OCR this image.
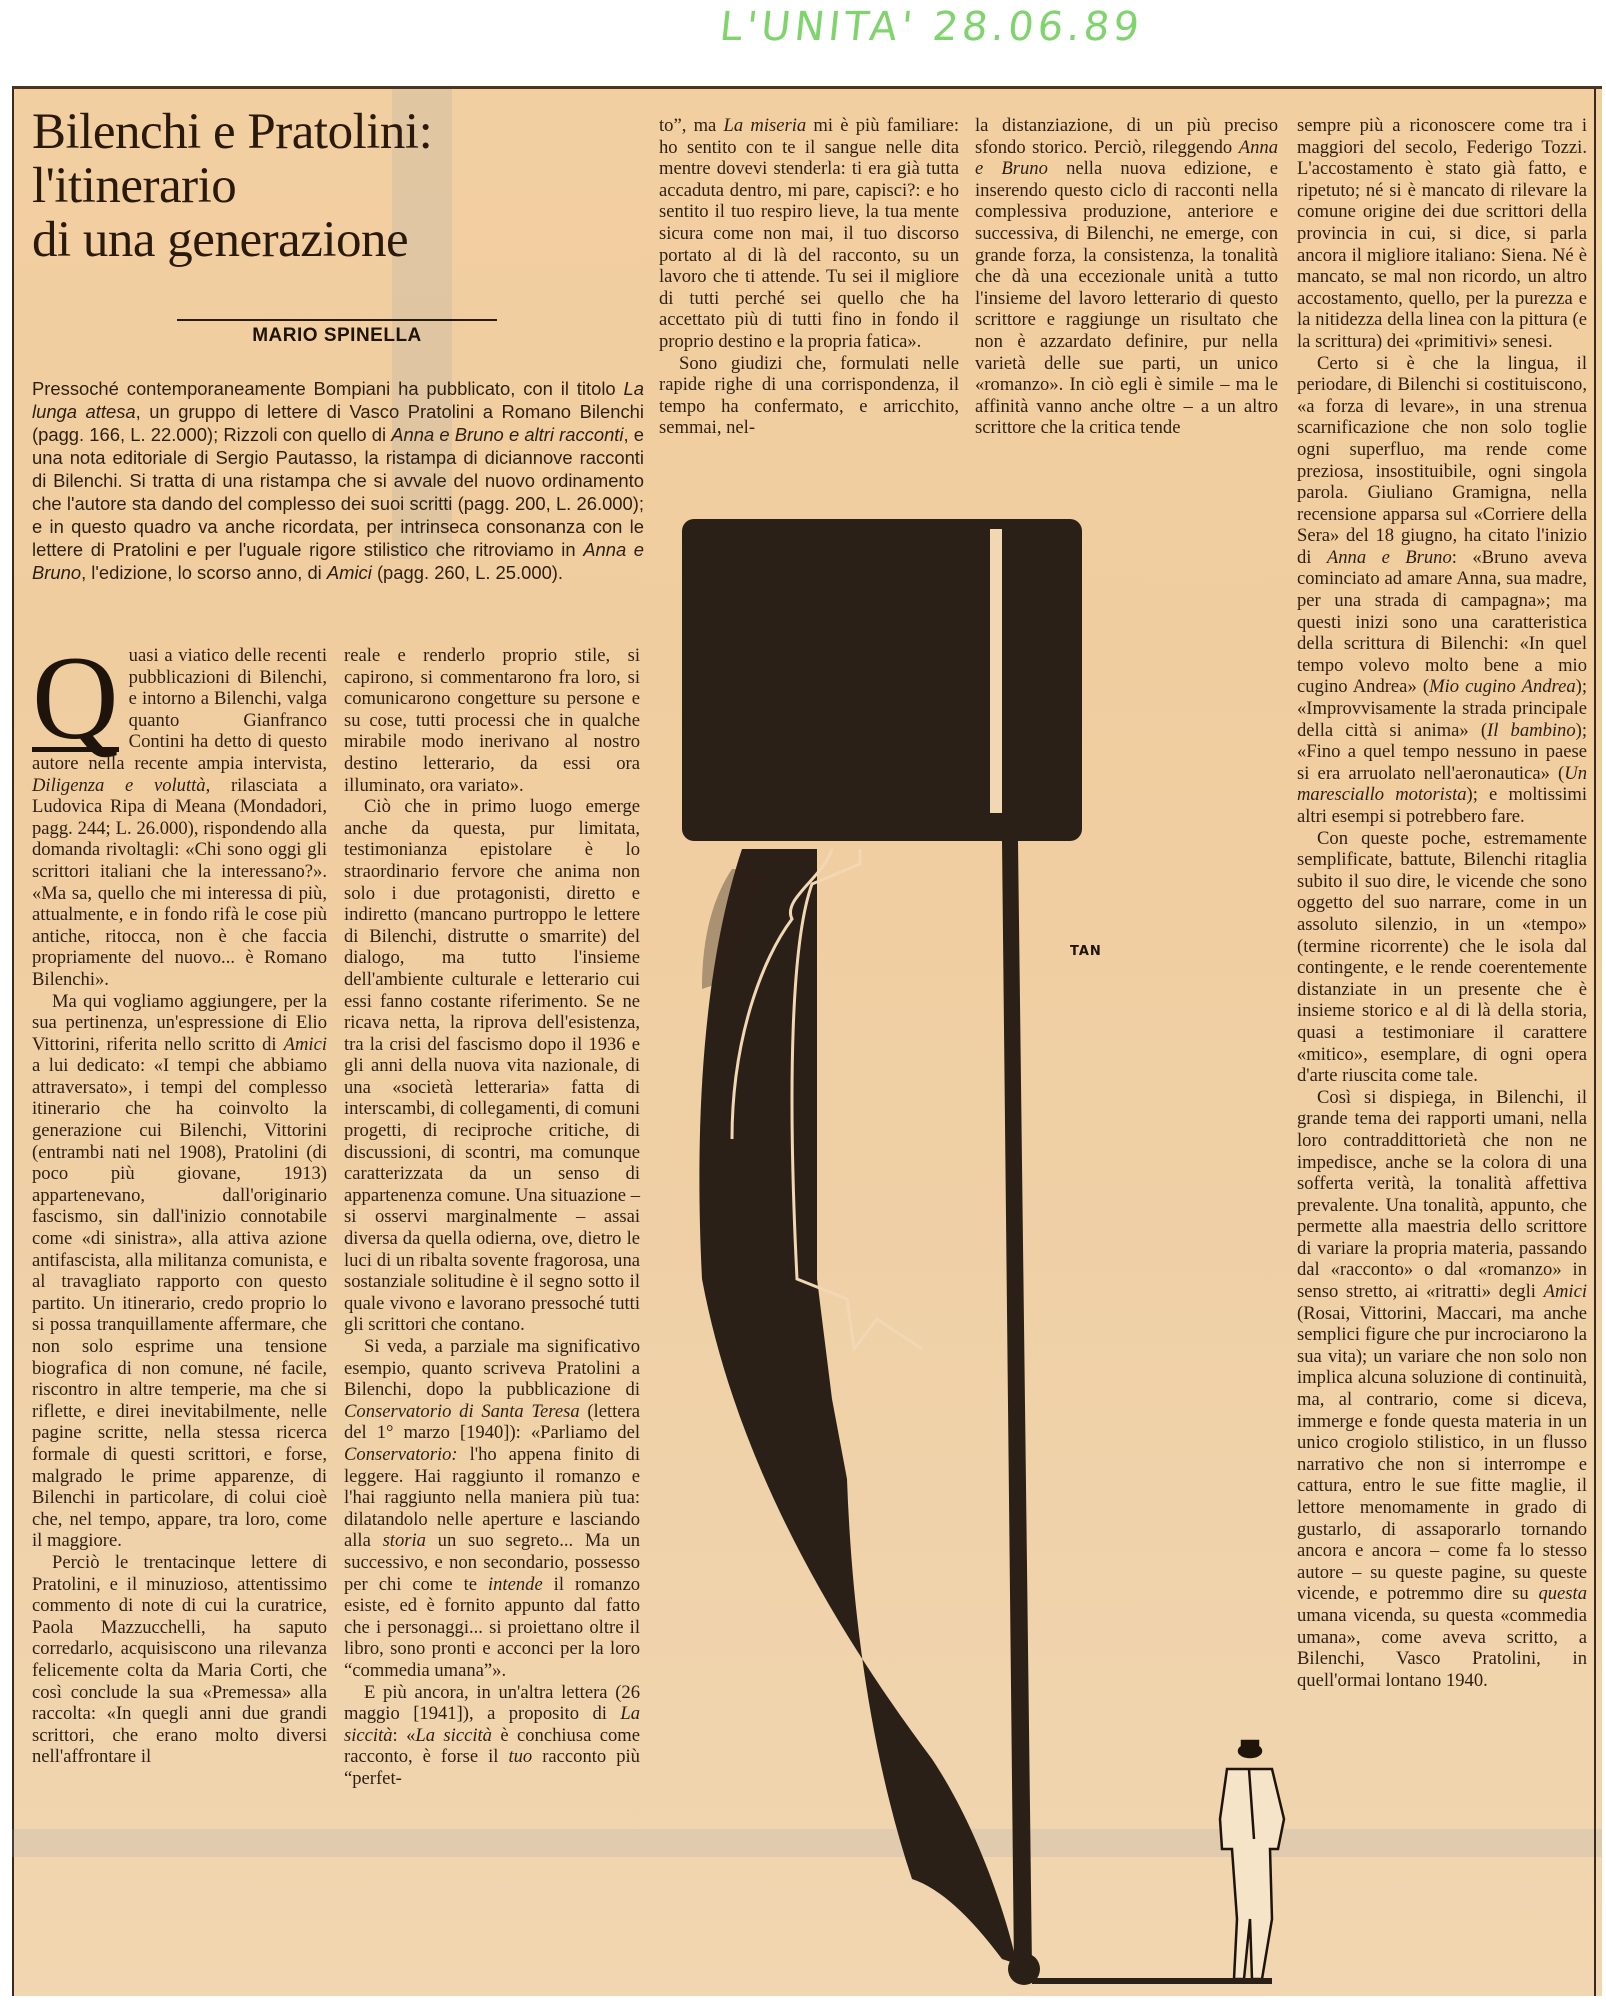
L'UNITA' 28.06.89
Bilenchi e Pratolini:
l'itinerario
di una generazione
MARIO SPINELLA

Pressoché contemporaneamente Bompiani ha pubblicato, con il titolo La lunga attesa, un gruppo di lettere di Vasco Pratolini a Romano Bilenchi (pagg. 166, L. 22.000); Rizzoli con quello di Anna e Bruno e altri racconti, e una nota editoriale di Sergio Pautasso, la ristampa di diciannove racconti di Bilenchi. Si tratta di una ristampa che si avvale del nuovo ordinamento che l'autore sta dando del complesso dei suoi scritti (pagg. 200, L. 26.000); e in questo quadro va anche ricordata, per intrinseca consonanza con le lettere di Pratolini e per l'uguale rigore stilistico che ritroviamo in Anna e Bruno, l'edizione, lo scorso anno, di Amici (pagg. 260, L. 25.000).

Q uasi a viatico delle recenti pubblicazioni di Bilenchi, e intorno a Bilenchi, valga quanto Gianfranco Contini ha detto di questo autore nella recente ampia intervista, Diligenza e voluttà, rilasciata a Ludovica Ripa di Meana (Mondadori, pagg. 244; L. 26.000), rispondendo alla domanda rivoltagli: «Chi sono oggi gli scrittori italiani che la interessano?». «Ma sa, quello che mi interessa di più, attualmente, e in fondo rifà le cose più antiche, ritocca, non è che faccia propriamente del nuovo... è Romano Bilenchi».

Ma qui vogliamo aggiungere, per la sua pertinenza, un'espressione di Elio Vittorini, riferita nello scritto di Amici a lui dedicato: «I tempi che abbiamo attraversato», i tempi del complesso itinerario che ha coinvolto la generazione cui Bilenchi, Vittorini (entrambi nati nel 1908), Pratolini (di poco più giovane, 1913) appartenevano, dall'originario fascismo, sin dall'inizio connotabile come «di sinistra», alla attiva azione antifascista, alla militanza comunista, e al travagliato rapporto con questo partito. Un itinerario, credo proprio lo si possa tranquillamente affermare, che non solo esprime una tensione biografica di non comune, né facile, riscontro in altre temperie, ma che si riflette, e direi inevitabilmente, nelle pagine scritte, nella stessa ricerca formale di questi scrittori, e forse, malgrado le prime apparenze, di Bilenchi in particolare, di colui cioè che, nel tempo, appare, tra loro, come il maggiore.

Perciò le trentacinque lettere di Pratolini, e il minuzioso, attentissimo commento di note di cui la curatrice, Paola Mazzucchelli, ha saputo corredarlo, acquisiscono una rilevanza felicemente colta da Maria Corti, che così conclude la sua «Premessa» alla raccolta: «In quegli anni due grandi scrittori, che erano molto diversi nell'affrontare il

reale e renderlo proprio stile, si capirono, si commentarono fra loro, si comunicarono congetture su persone e su cose, tutti processi che in qualche mirabile modo inerivano al nostro destino letterario, da essi ora illuminato, ora variato».

Ciò che in primo luogo emerge anche da questa, pur limitata, testimonianza epistolare è lo straordinario fervore che anima non solo i due protagonisti, diretto e indiretto (mancano purtroppo le lettere di Bilenchi, distrutte o smarrite) del dialogo, ma tutto l'insieme dell'ambiente culturale e letterario cui essi fanno costante riferimento. Se ne ricava netta, la riprova dell'esistenza, tra la crisi del fascismo dopo il 1936 e gli anni della nuova vita nazionale, di una «società letteraria» fatta di interscambi, di collegamenti, di comuni progetti, di reciproche critiche, di discussioni, di scontri, ma comunque caratterizzata da un senso di appartenenza comune. Una situazione – si osservi marginalmente – assai diversa da quella odierna, ove, dietro le luci di un ribalta sovente fragorosa, una sostanziale solitudine è il segno sotto il quale vivono e lavorano pressoché tutti gli scrittori che contano.

Si veda, a parziale ma significativo esempio, quanto scriveva Pratolini a Bilenchi, dopo la pubblicazione di Conservatorio di Santa Teresa (lettera del 1° marzo [1940]): «Parliamo del Conservatorio: l'ho appena finito di leggere. Hai raggiunto il romanzo e l'hai raggiunto nella maniera più tua: dilatandolo nelle aperture e lasciando alla storia un suo segreto... Ma un successivo, e non secondario, possesso per chi come te intende il romanzo esiste, ed è fornito appunto dal fatto che i personaggi... si proiettano oltre il libro, sono pronti e acconci per la loro “commedia umana”».

E più ancora, in un'altra lettera (26 maggio [1941]), a proposito di La siccità: «La siccità è conchiusa come racconto, è forse il tuo racconto più “perfet-

to”, ma La miseria mi è più familiare: ho sentito con te il sangue nelle dita mentre dovevi stenderla: ti era già tutta accaduta dentro, mi pare, capisci?: e ho sentito il tuo respiro lieve, la tua mente sicura come non mai, il tuo discorso portato al di là del racconto, su un lavoro che ti attende. Tu sei il migliore di tutti perché sei quello che ha accettato più di tutti fino in fondo il proprio destino e la propria fatica».

Sono giudizi che, formulati nelle rapide righe di una corrispondenza, il tempo ha confermato, e arricchito, semmai, nel-

la distanziazione, di un più preciso sfondo storico. Perciò, rileggendo Anna e Bruno nella nuova edizione, e inserendo questo ciclo di racconti nella complessiva produzione, anteriore e successiva, di Bilenchi, ne emerge, con grande forza, la consistenza, la tonalità che dà una eccezionale unità a tutto l'insieme del lavoro letterario di questo scrittore e raggiunge un risultato che non è azzardato definire, pur nella varietà delle sue parti, un unico «romanzo». In ciò egli è simile – ma le affinità vanno anche oltre – a un altro scrittore che la critica tende

sempre più a riconoscere come tra i maggiori del secolo, Federigo Tozzi. L'accostamento è stato già fatto, e ripetuto; né si è mancato di rilevare la comune origine dei due scrittori della provincia in cui, si dice, si parla ancora il migliore italiano: Siena. Né è mancato, se mal non ricordo, un altro accostamento, quello, per la purezza e la nitidezza della linea con la pittura (e la scrittura) dei «primitivi» senesi.

Certo si è che la lingua, il periodare, di Bilenchi si costituiscono, «a forza di levare», in una strenua scarnificazione che non solo toglie ogni superfluo, ma rende come preziosa, insostituibile, ogni singola parola. Giuliano Gramigna, nella recensione apparsa sul «Corriere della Sera» del 18 giugno, ha citato l'inizio di Anna e Bruno: «Bruno aveva cominciato ad amare Anna, sua madre, per una strada di campagna»; ma questi inizi sono una caratteristica della scrittura di Bilenchi: «In quel tempo volevo molto bene a mio cugino Andrea» (Mio cugino Andrea); «Improvvisamente la strada principale della città si anima» (Il bambino); «Fino a quel tempo nessuno in paese si era arruolato nell'aeronautica» (Un maresciallo motorista); e moltissimi altri esempi si potrebbero fare.

Con queste poche, estremamente semplificate, battute, Bilenchi ritaglia subito il suo dire, le vicende che sono oggetto del suo narrare, come in un assoluto silenzio, in un «tempo» (termine ricorrente) che le isola dal contingente, e le rende coerentemente distanziate in un presente che è insieme storico e al di là della storia, quasi a testimoniare il carattere «mitico», esemplare, di ogni opera d'arte riuscita come tale.

Così si dispiega, in Bilenchi, il grande tema dei rapporti umani, nella loro contraddittorietà che non ne impedisce, anche se la colora di una sofferta verità, la tonalità affettiva prevalente. Una tonalità, appunto, che permette alla maestria dello scrittore di variare la propria materia, passando dal «racconto» o dal «romanzo» in senso stretto, ai «ritratti» degli Amici (Rosai, Vittorini, Maccari, ma anche semplici figure che pur incrociarono la sua vita); un variare che non solo non implica alcuna soluzione di continuità, ma, al contrario, come si diceva, immerge e fonde questa materia in un unico crogiolo stilistico, in un flusso narrativo che non si interrompe e cattura, entro le sue fitte maglie, il lettore menomamente in grado di gustarlo, di assaporarlo tornando ancora e ancora – come fa lo stesso autore – su queste pagine, su queste vicende, e potremmo dire su questa umana vicenda, su questa «commedia umana», come aveva scritto, a Bilenchi, Vasco Pratolini, in quell'ormai lontano 1940.

TAN
